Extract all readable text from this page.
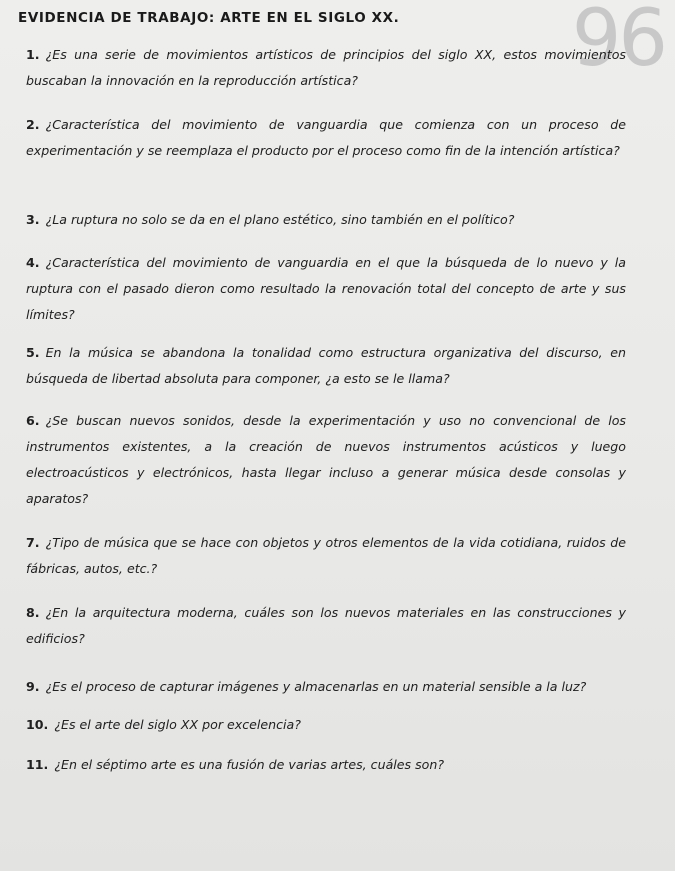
EVIDENCIA DE TRABAJO: ARTE EN EL SIGLO XX. 96
1. ¿Es una serie de movimientos artísticos de principios del siglo XX, estos movimientos buscaban la innovación en la reproducción artística?
2. ¿Característica del movimiento de vanguardia que comienza con un proceso de experimentación y se reemplaza el producto por el proceso como fin de la intención artística?
3. ¿La ruptura no solo se da en el plano estético, sino también en el político?
4. ¿Característica del movimiento de vanguardia en el que la búsqueda de lo nuevo y la ruptura con el pasado dieron como resultado la renovación total del concepto de arte y sus límites?
5. En la música se abandona la tonalidad como estructura organizativa del discurso, en búsqueda de libertad absoluta para componer, ¿a esto se le llama?
6. ¿Se buscan nuevos sonidos, desde la experimentación y uso no convencional de los instrumentos existentes, a la creación de nuevos instrumentos acústicos y luego electroacústicos y electrónicos, hasta llegar incluso a generar música desde consolas y aparatos?
7. ¿Tipo de música que se hace con objetos y otros elementos de la vida cotidiana, ruidos de fábricas, autos, etc.?
8. ¿En la arquitectura moderna, cuáles son los nuevos materiales en las construcciones y edificios?
9. ¿Es el proceso de capturar imágenes y almacenarlas en un material sensible a la luz?
10. ¿Es el arte del siglo XX por excelencia?
11. ¿En el séptimo arte es una fusión de varias artes, cuáles son?
